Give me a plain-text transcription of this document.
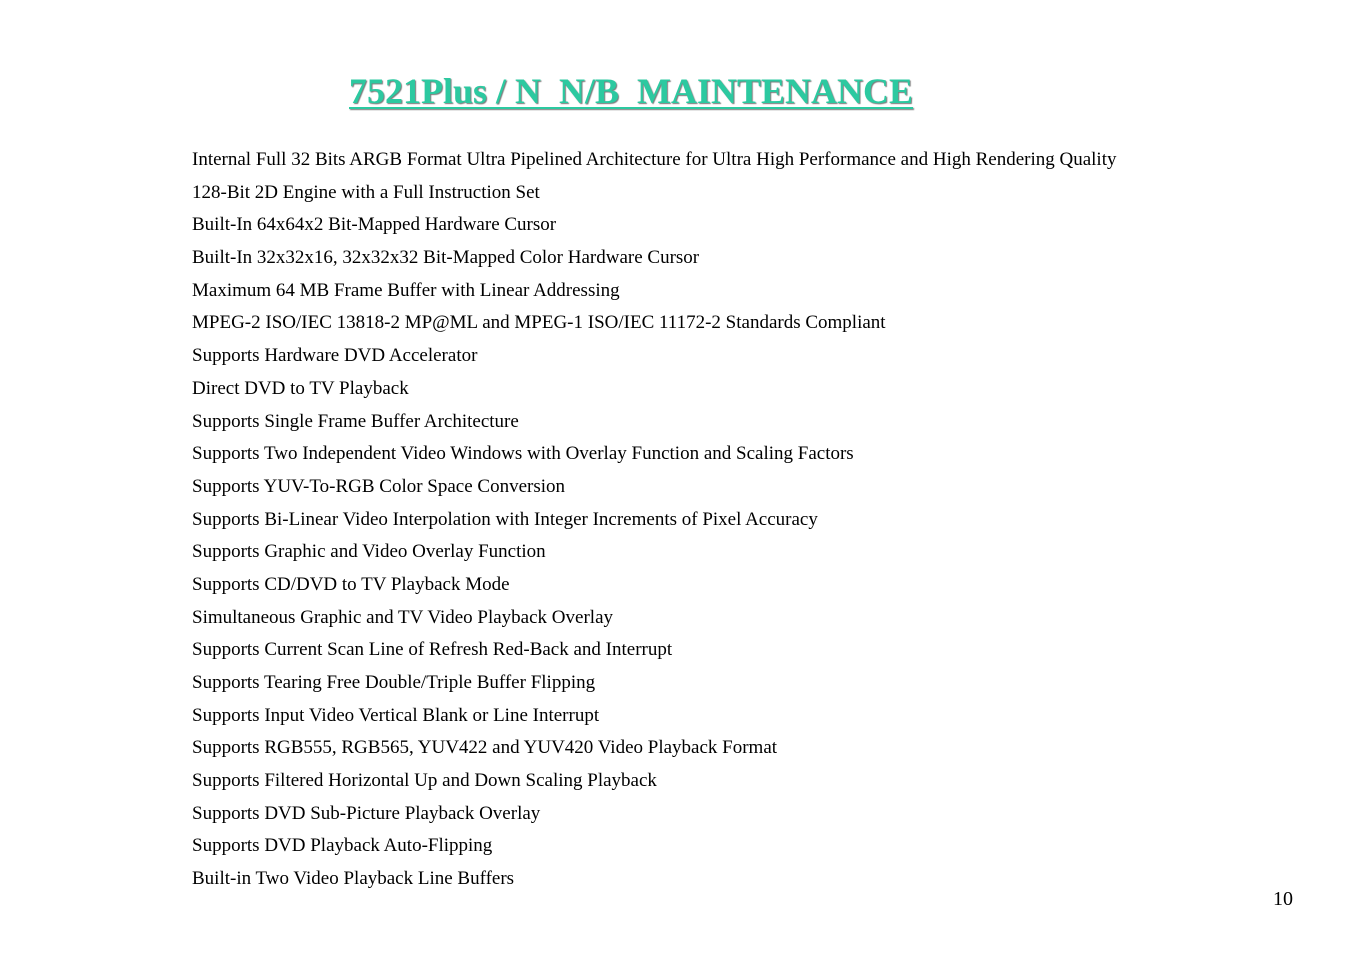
7521Plus / N  N/B  MAINTENANCE
Internal Full 32 Bits ARGB Format Ultra Pipelined Architecture for Ultra High Performance and High Rendering Quality
128-Bit 2D Engine with a Full Instruction Set
Built-In 64x64x2 Bit-Mapped Hardware Cursor
Built-In 32x32x16, 32x32x32 Bit-Mapped Color Hardware Cursor
Maximum 64 MB Frame Buffer with Linear Addressing
MPEG-2 ISO/IEC 13818-2 MP@ML and MPEG-1 ISO/IEC 11172-2 Standards Compliant
Supports Hardware DVD Accelerator
Direct DVD to TV Playback
Supports Single Frame Buffer Architecture
Supports Two Independent Video Windows with Overlay Function and Scaling Factors
Supports YUV-To-RGB Color Space Conversion
Supports Bi-Linear Video Interpolation with Integer Increments of Pixel Accuracy
Supports Graphic and Video Overlay Function
Supports CD/DVD to TV Playback Mode
Simultaneous Graphic and TV Video Playback Overlay
Supports Current Scan Line of Refresh Red-Back and Interrupt
Supports Tearing Free Double/Triple Buffer Flipping
Supports Input Video Vertical Blank or Line Interrupt
Supports RGB555, RGB565, YUV422 and YUV420 Video Playback Format
Supports Filtered Horizontal Up and Down Scaling Playback
Supports DVD Sub-Picture Playback Overlay
Supports DVD Playback Auto-Flipping
Built-in Two Video Playback Line Buffers
10
